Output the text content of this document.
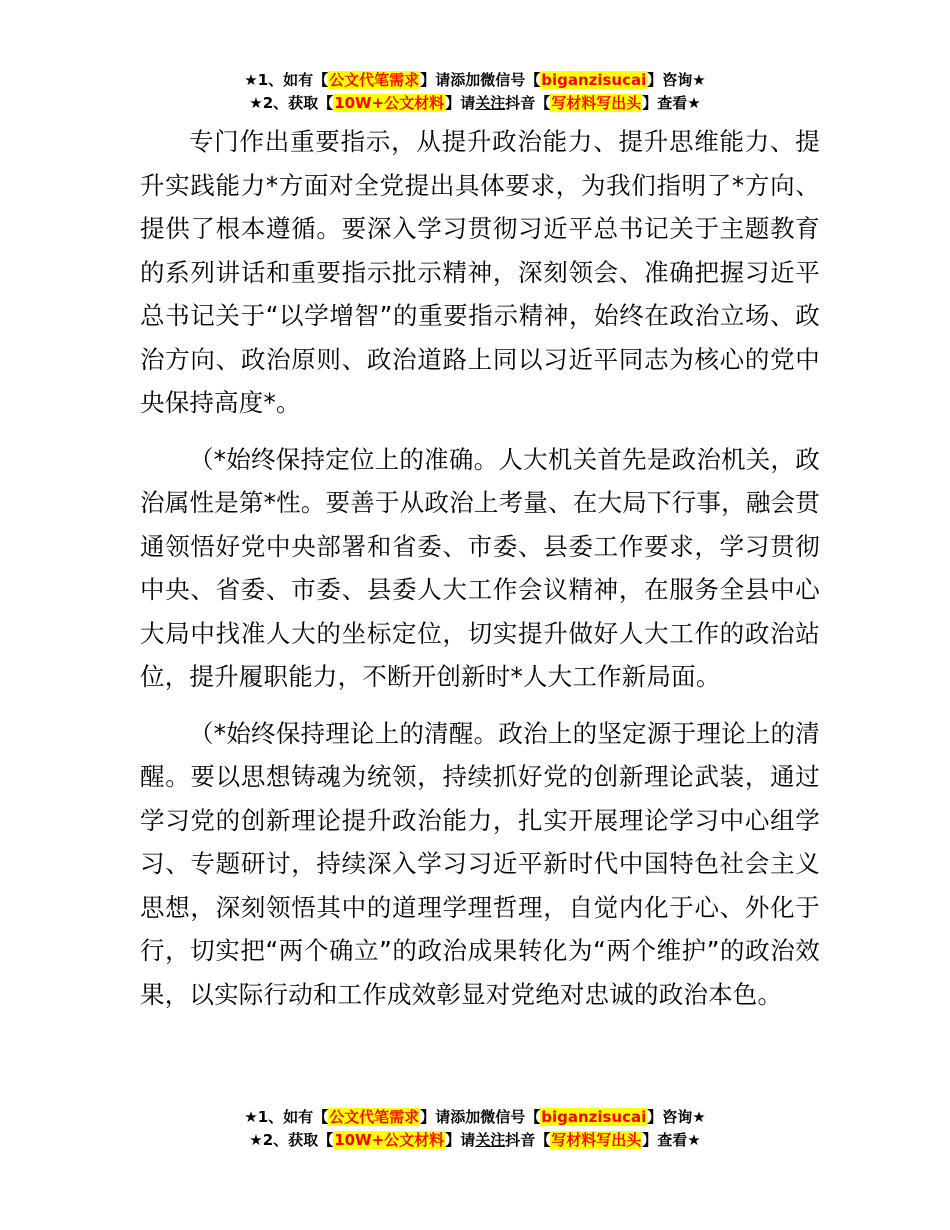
★1、如有【公文代笔需求】请添加微信号【biganzisucai】咨询★
★2、获取【10W+公文材料】请关注抖音【写材料写出头】查看★

专门作出重要指示，从提升政治能力、提升思维能力、提升实践能力*方面对全党提出具体要求，为我们指明了*方向、提供了根本遵循。要深入学习贯彻习近平总书记关于主题教育的系列讲话和重要指示批示精神，深刻领会、准确把握习近平总书记关于“以学增智”的重要指示精神，始终在政治立场、政治方向、政治原则、政治道路上同以习近平同志为核心的党中央保持高度*。

（*始终保持定位上的准确。人大机关首先是政治机关，政治属性是第*性。要善于从政治上考量、在大局下行事，融会贯通领悟好党中央部署和省委、市委、县委工作要求，学习贯彻中央、省委、市委、县委人大工作会议精神，在服务全县中心大局中找准人大的坐标定位，切实提升做好人大工作的政治站位，提升履职能力，不断开创新时*人大工作新局面。

（*始终保持理论上的清醒。政治上的坚定源于理论上的清醒。要以思想铸魂为统领，持续抓好党的创新理论武装，通过学习党的创新理论提升政治能力，扎实开展理论学习中心组学习、专题研讨，持续深入学习习近平新时代中国特色社会主义思想，深刻领悟其中的道理学理哲理，自觉内化于心、外化于行，切实把“两个确立”的政治成果转化为“两个维护”的政治效果，以实际行动和工作成效彰显对党绝对忠诚的政治本色。

★1、如有【公文代笔需求】请添加微信号【biganzisucai】咨询★
★2、获取【10W+公文材料】请关注抖音【写材料写出头】查看★
